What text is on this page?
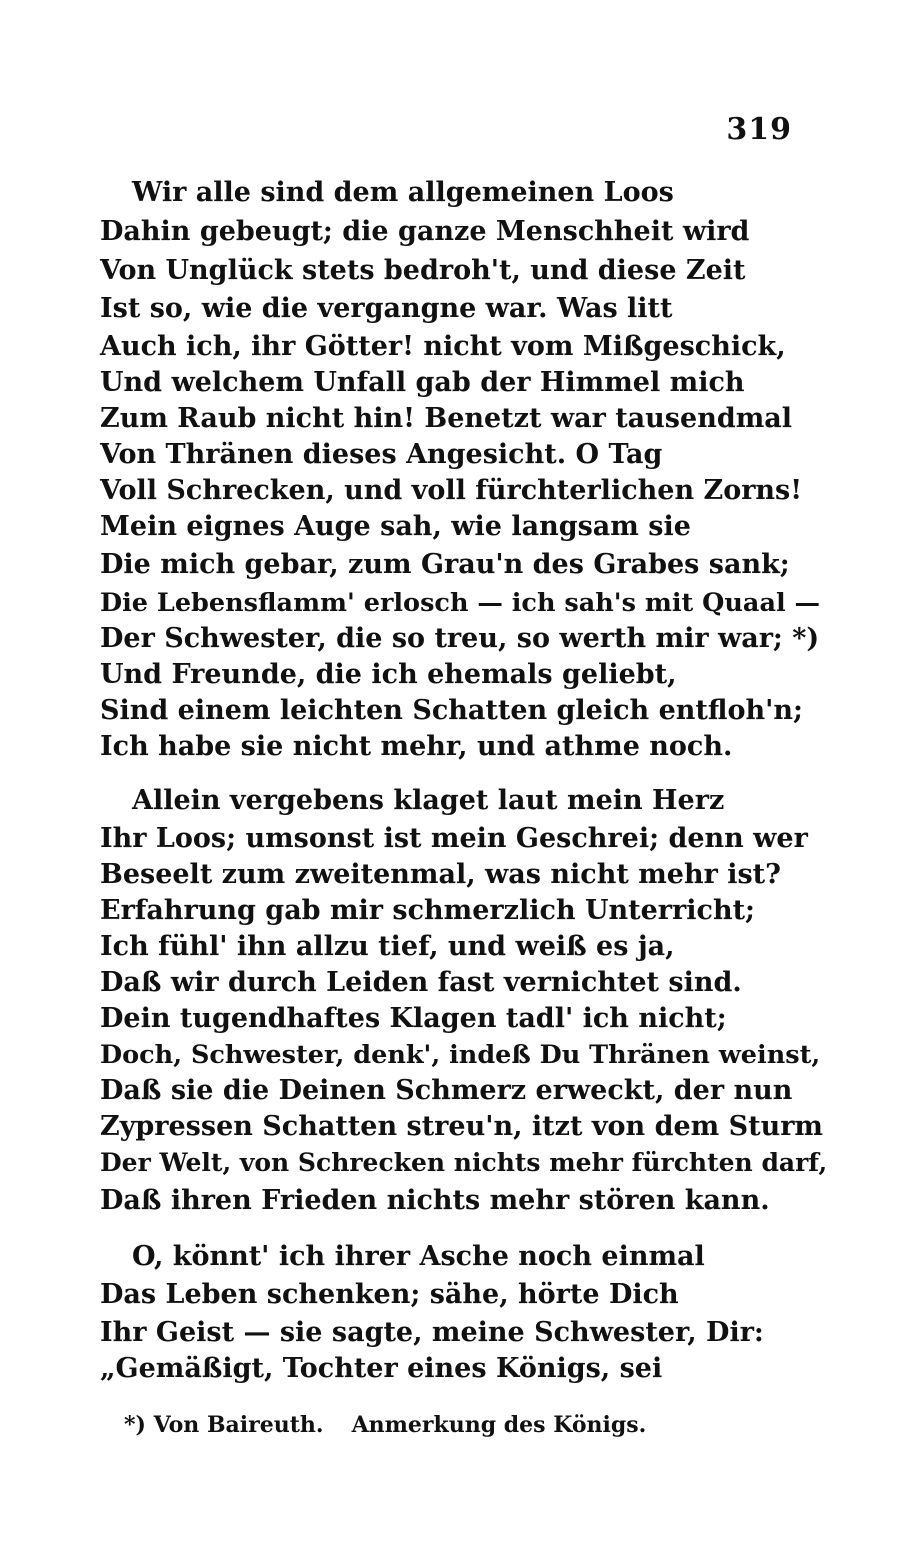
319
Wir alle sind dem allgemeinen Loos
Dahin gebeugt; die ganze Menschheit wird
Von Unglück stets bedroh't, und diese Zeit
Ist so, wie die vergangne war. Was litt
Auch ich, ihr Götter! nicht vom Mißgeschick,
Und welchem Unfall gab der Himmel mich
Zum Raub nicht hin! Benetzt war tausendmal
Von Thränen dieses Angesicht. O Tag
Voll Schrecken, und voll fürchterlichen Zorns!
Mein eignes Auge sah, wie langsam sie
Die mich gebar, zum Grau'n des Grabes sank;
Die Lebensflamm' erlosch — ich sah's mit Quaal —
Der Schwester, die so treu, so werth mir war; *)
Und Freunde, die ich ehemals geliebt,
Sind einem leichten Schatten gleich entfloh'n;
Ich habe sie nicht mehr, und athme noch.
Allein vergebens klaget laut mein Herz
Ihr Loos; umsonst ist mein Geschrei; denn wer
Beseelt zum zweitenmal, was nicht mehr ist?
Erfahrung gab mir schmerzlich Unterricht;
Ich fühl' ihn allzu tief, und weiß es ja,
Daß wir durch Leiden fast vernichtet sind.
Dein tugendhaftes Klagen tadl' ich nicht;
Doch, Schwester, denk', indeß Du Thränen weinst,
Daß sie die Deinen Schmerz erweckt, der nun
Zypressen Schatten streu'n, itzt von dem Sturm
Der Welt, von Schrecken nichts mehr fürchten darf,
Daß ihren Frieden nichts mehr stören kann.
O, könnt' ich ihrer Asche noch einmal
Das Leben schenken; sähe, hörte Dich
Ihr Geist — sie sagte, meine Schwester, Dir:
„Gemäßigt, Tochter eines Königs, sei
*) Von Baireuth. Anmerkung des Königs.
